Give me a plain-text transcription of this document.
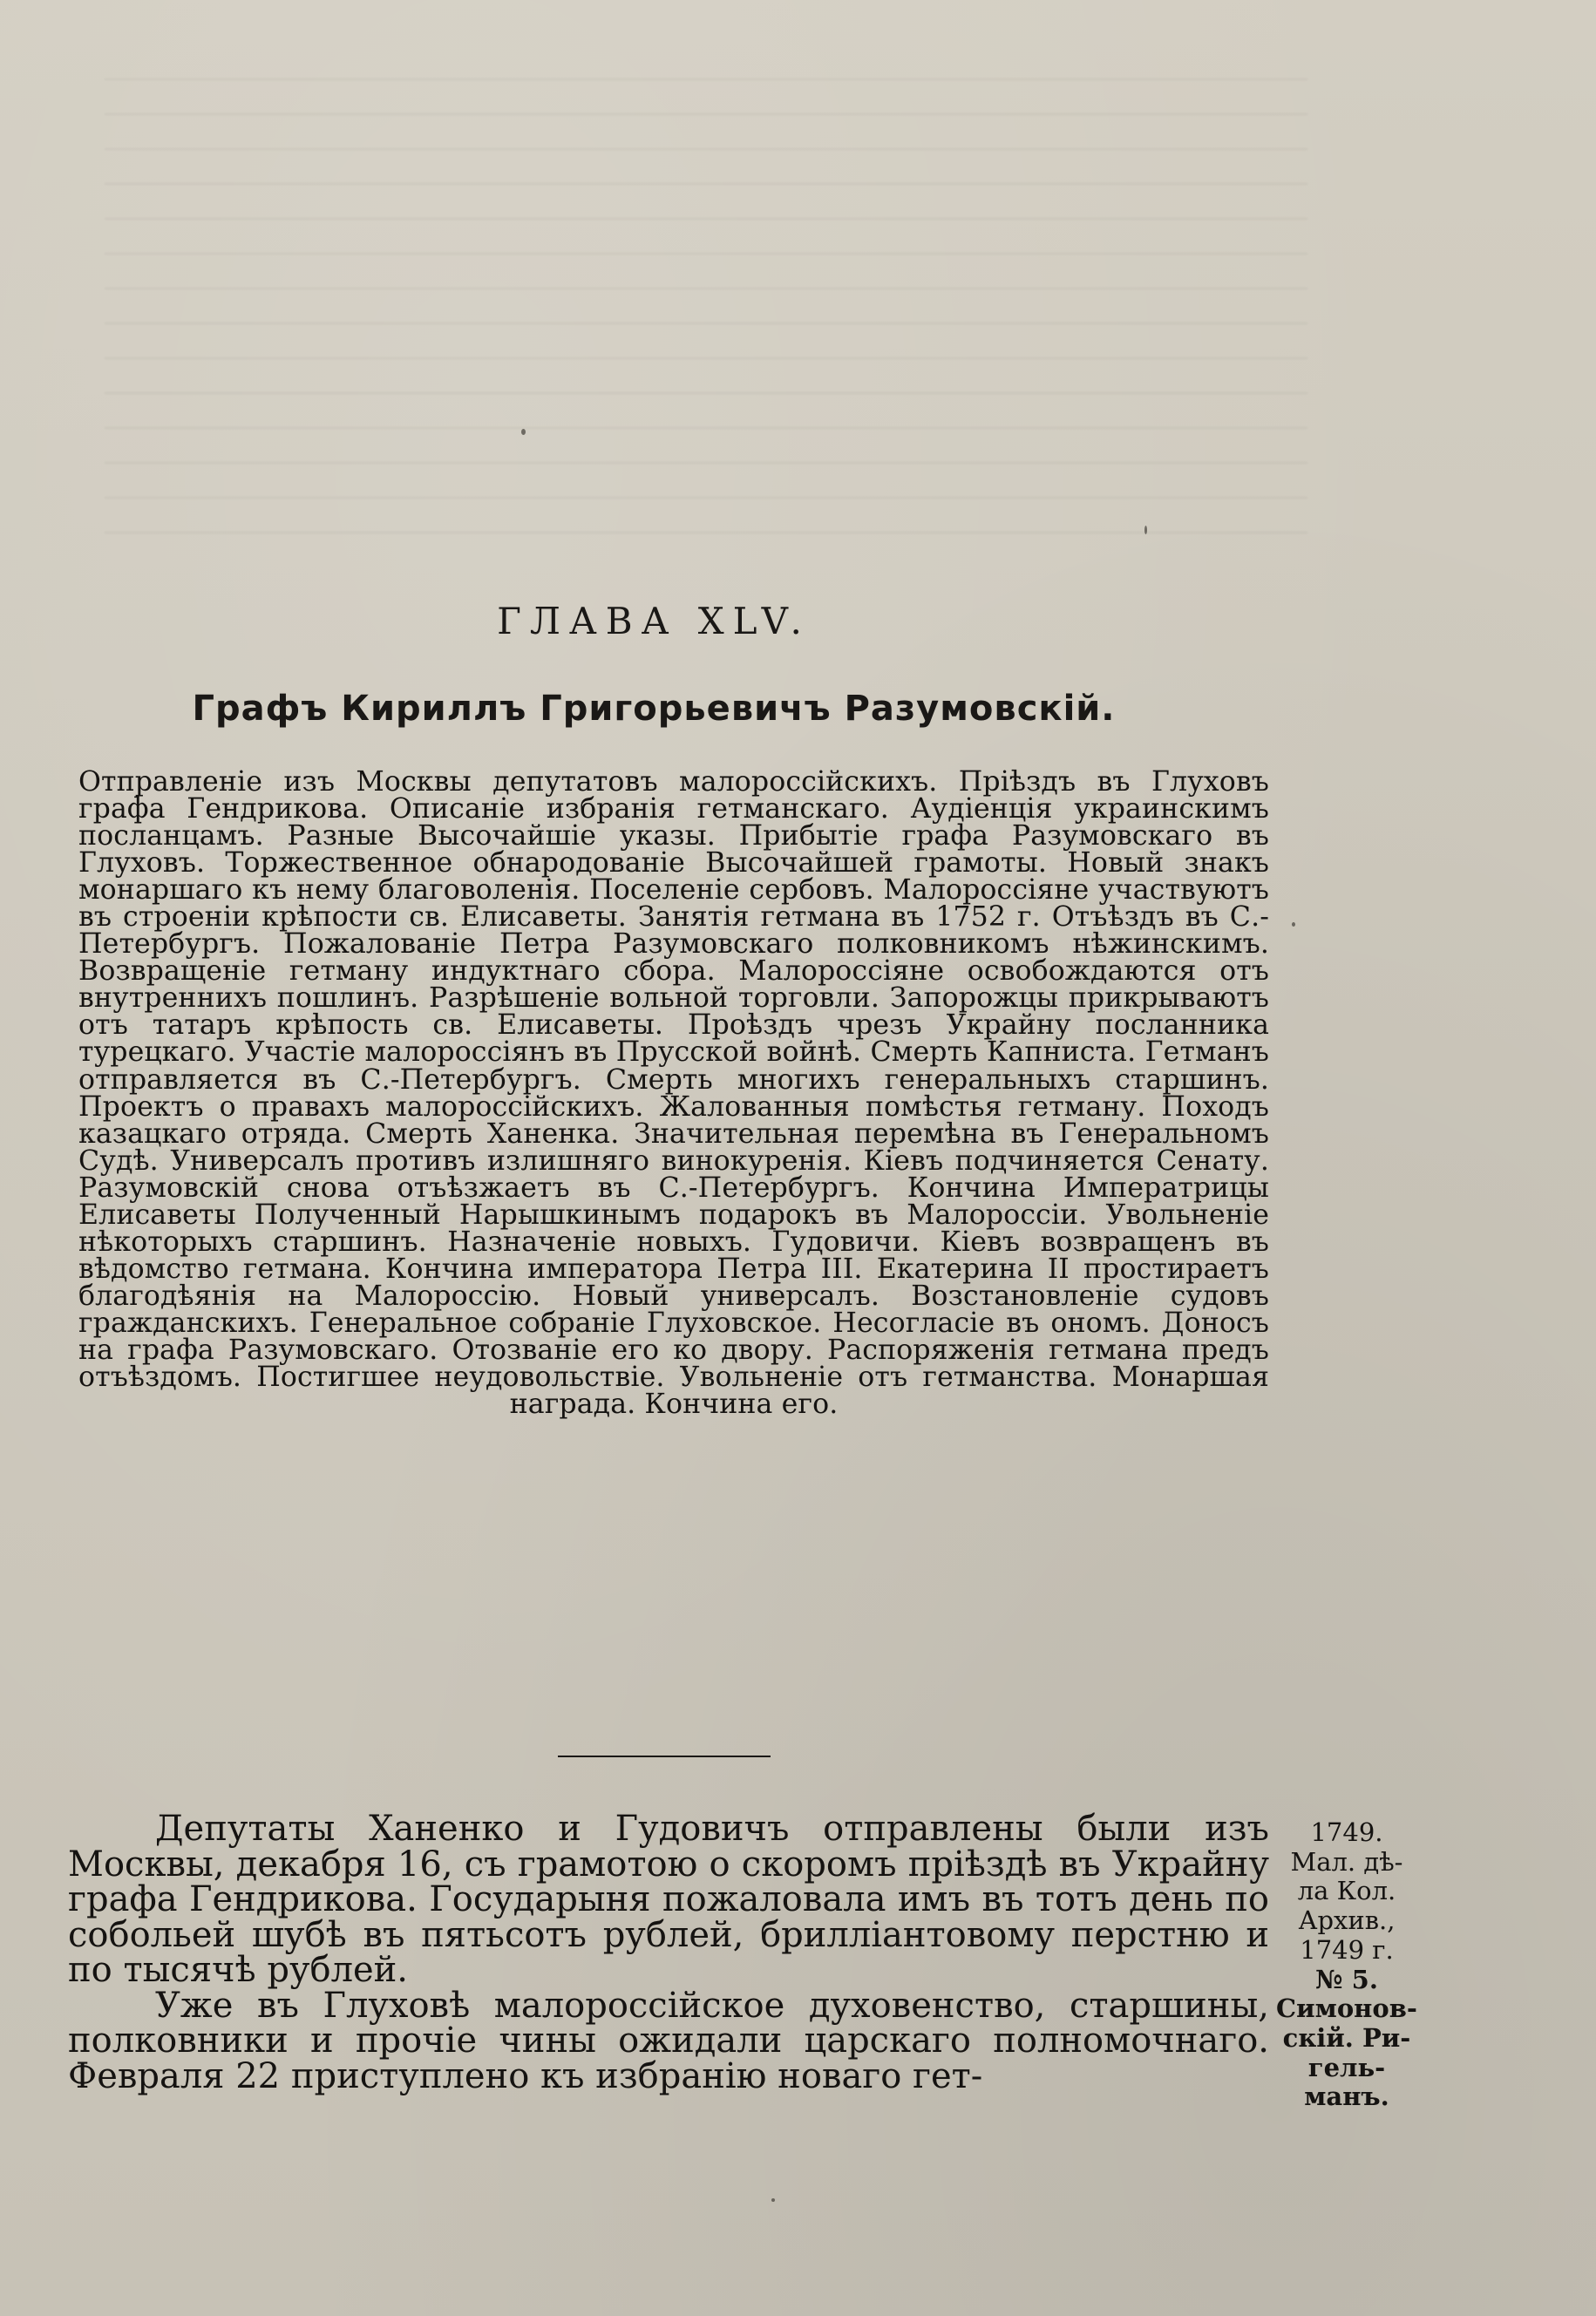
ГЛАВА XLV.
Графъ Кириллъ Григорьевичъ Разумовскій.
Отправленіе изъ Москвы депутатовъ малороссійскихъ. Пріѣздъ въ Глуховъ графа Гендрикова. Описаніе избранія гетманскаго. Аудіенція украинскимъ посланцамъ. Разные Высочайшіе указы. Прибытіе графа Разумовскаго въ Глуховъ. Торжественное обнародованіе Высочайшей грамоты. Новый знакъ монаршаго къ нему благоволенія. Поселеніе сербовъ. Малороссіяне участвуютъ въ строеніи крѣпости св. Елисаветы. Занятія гетмана въ 1752 г. Отъѣздъ въ С.-Петербургъ. Пожалованіе Петра Разумовскаго полковникомъ нѣжинскимъ. Возвращеніе гетману индуктнаго сбора. Малороссіяне освобождаются отъ внутреннихъ пошлинъ. Разрѣшеніе вольной торговли. Запорожцы прикрываютъ отъ татаръ крѣпость св. Елисаветы. Проѣздъ чрезъ Украйну посланника турецкаго. Участіе малороссіянъ въ Прусской войнѣ. Смерть Капниста. Гетманъ отправляется въ С.-Петербургъ. Смерть многихъ генеральныхъ старшинъ. Проектъ о правахъ малороссійскихъ. Жалованныя помѣстья гетману. Походъ казацкаго отряда. Смерть Ханенка. Значительная перемѣна въ Генеральномъ Судѣ. Универсалъ противъ излишняго винокуренія. Кіевъ подчиняется Сенату. Разумовскій снова отъѣзжаетъ въ С.-Петербургъ. Кончина Императрицы Елисаветы Полученный Нарышкинымъ подарокъ въ Малороссіи. Увольненіе нѣкоторыхъ старшинъ. Назначеніе новыхъ. Гудовичи. Кіевъ возвращенъ въ вѣдомство гетмана. Кончина императора Петра III. Екатерина II простираетъ благодѣянія на Малороссію. Новый универсалъ. Возстановленіе судовъ гражданскихъ. Генеральное собраніе Глуховское. Несогласіе въ ономъ. Доносъ на графа Разумовскаго. Отозваніе его ко двору. Распоряженія гетмана предъ отъѣздомъ. Постигшее неудовольствіе. Увольненіе отъ гетманства. Монаршая награда. Кончина его.

Депутаты Ханенко и Гудовичъ отправлены были изъ Москвы, декабря 16, съ грамотою о скоромъ пріѣздѣ въ Украйну графа Гендрикова. Государыня пожаловала имъ въ тотъ день по собольей шубѣ въ пятьсотъ рублей, брилліантовому перстню и по тысячѣ рублей.

Уже въ Глуховѣ малороссійское духовенство, старшины, полковники и прочіе чины ожидали царскаго полномочнаго. Февраля 22 приступлено къ избранію новаго гет-

1749.
Мал. дѣ-
ла Кол.
Архив.,
1749 г.
№ 5.
Симонов-
скій. Ри-
гель-
манъ.
